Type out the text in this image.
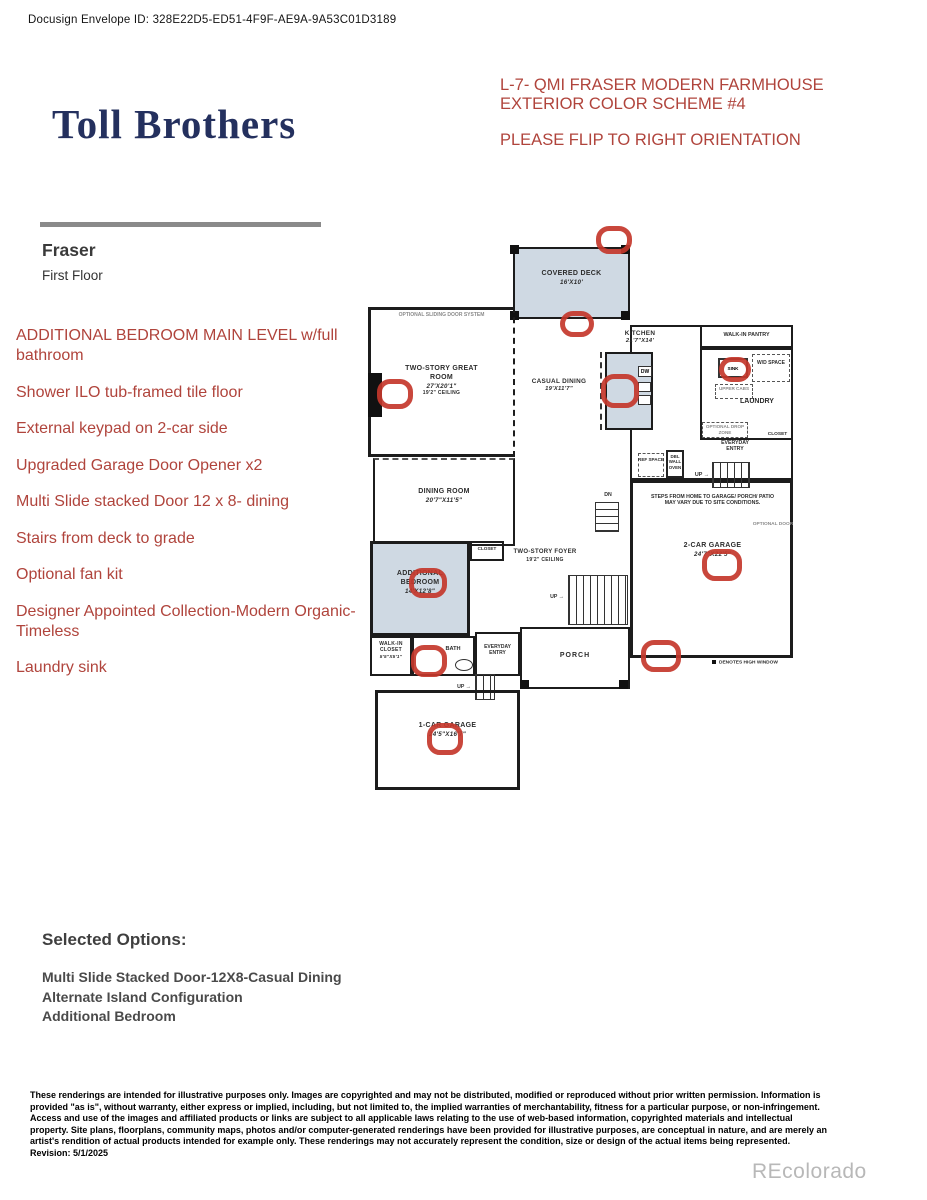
Docusign Envelope ID: 328E22D5-ED51-4F9F-AE9A-9A53C01D3189
Toll Brothers
L-7- QMI FRASER MODERN FARMHOUSE
EXTERIOR COLOR SCHEME #4
PLEASE FLIP TO RIGHT ORIENTATION
Fraser
First Floor
ADDITIONAL BEDROOM MAIN LEVEL w/full bathroom
Shower ILO tub-framed tile floor
External keypad on 2-car side
Upgraded Garage Door Opener x2
Multi Slide stacked Door 12 x 8- dining
Stairs from deck to grade
Optional fan kit
Designer Appointed Collection-Modern Organic-Timeless
Laundry sink
COVERED DECK
16'X10'
OPTIONAL SLIDING DOOR SYSTEM
TWO-STORY GREAT ROOM
27'X20'1"
19'2" CEILING
CASUAL DINING
19'X11'7"
KITCHEN
21'7"X14'
DW
WALK-IN PANTRY
W/D SPACE
SINK
UPPER CABS
LAUNDRY
OPTIONAL DROP ZONE
EVERYDAY ENTRY
CLOSET
REF SPACE
DBL WALL OVEN
UP →
STEPS FROM HOME TO GARAGE/ PORCH/ PATIO MAY VARY DUE TO SITE CONDITIONS.
2-CAR GARAGE
24'7"X22'5"
OPTIONAL DOOR
DENOTES HIGH WINDOW
DN
DINING ROOM
20'7"X11'5"
ADDITIONAL BEDROOM
14'X12'8"
CLOSET
TWO-STORY FOYER
19'2" CEILING
UP →
WALK-IN CLOSET
5'5"X5'1"
BATH	EVERYDAY ENTRY	PORCH
UP →
1-CAR GARAGE
24'5"X16'7"
Selected Options:
Multi Slide Stacked Door-12X8-Casual Dining
Alternate Island Configuration
Additional Bedroom
These renderings are intended for illustrative purposes only. Images are copyrighted and may not be distributed, modified or reproduced without prior written permission. Information is provided "as is", without warranty, either express or implied, including, but not limited to, the implied warranties of merchantability, fitness for a particular purpose, or non-infringement. Access and use of the images and affiliated products or links are subject to all applicable laws relating to the use of web-based information, copyrighted materials and intellectual property. Site plans, floorplans, community maps, photos and/or computer-generated renderings have been provided for illustrative purposes, are conceptual in nature, and are merely an artist's rendition of actual products intended for example only. These renderings may not accurately represent the condition, size or design of the actual items being represented. Revision: 5/1/2025
REcolorado
